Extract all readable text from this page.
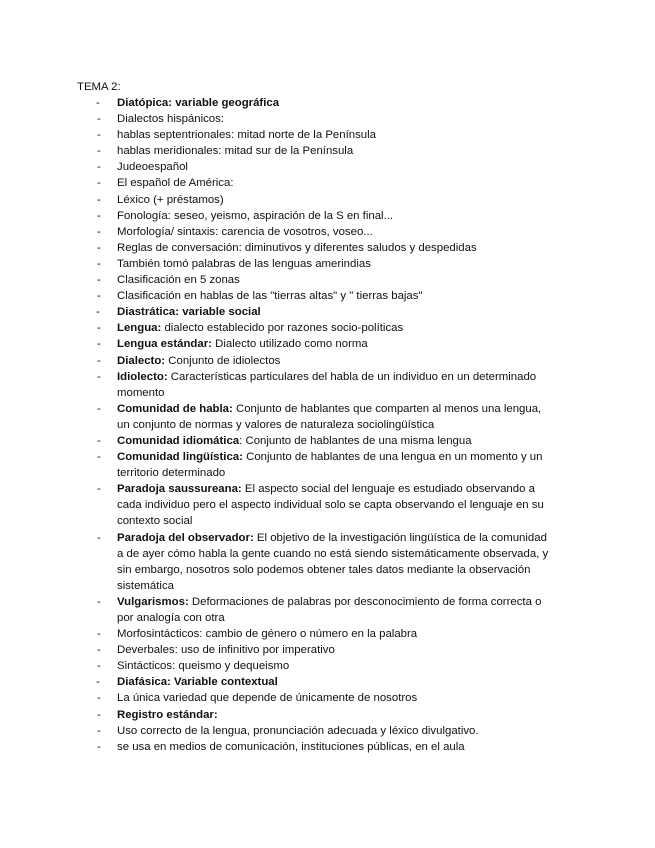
TEMA 2:
- Diatópica: variable geográfica
- Dialectos hispánicos:
- hablas septentrionales: mitad norte de la Península
- hablas meridionales: mitad sur de la Península
- Judeoespañol
- El español de América:
- Léxico (+ préstamos)
- Fonología: seseo, yeismo, aspiración de la S en final...
- Morfología/ sintaxis: carencia de vosotros, voseo...
- Reglas de conversación: diminutivos y diferentes saludos y despedidas
- También tomó palabras de las lenguas amerindias
- Clasificación en 5 zonas
- Clasificación en hablas de las "tierras altas" y " tierras bajas"
- Diastrática: variable social
- Lengua: dialecto establecido por razones socio-políticas
- Lengua estándar: Dialecto utilizado como norma
- Dialecto: Conjunto de idiolectos
- Idiolecto: Características particulares del habla de un individuo en un determinado momento
- Comunidad de habla: Conjunto de hablantes que comparten al menos una lengua, un conjunto de normas y valores de naturaleza sociolingüística
- Comunidad idiomática: Conjunto de hablantes de una misma lengua
- Comunidad lingüística: Conjunto de hablantes de una lengua en un momento y un territorio determinado
- Paradoja saussureana: El aspecto social del lenguaje es estudiado observando a cada individuo pero el aspecto individual solo se capta observando el lenguaje en su contexto social
- Paradoja del observador: El objetivo de la investigación lingüística de la comunidad a de ayer cómo habla la gente cuando no está siendo sistemáticamente observada, y sin embargo, nosotros solo podemos obtener tales datos mediante la observación sistemática
- Vulgarismos: Deformaciones de palabras por desconocimiento de forma correcta o por analogía con otra
- Morfosintácticos: cambio de género o número en la palabra
- Deverbales: uso de infinitivo por imperativo
- Sintácticos: queismo y dequeismo
- Diafásica: Variable contextual
- La única variedad que depende de únicamente de nosotros
- Registro estándar:
- Uso correcto de la lengua, pronunciación adecuada y léxico divulgativo.
- se usa en medios de comunicación, instituciones públicas, en el aula
